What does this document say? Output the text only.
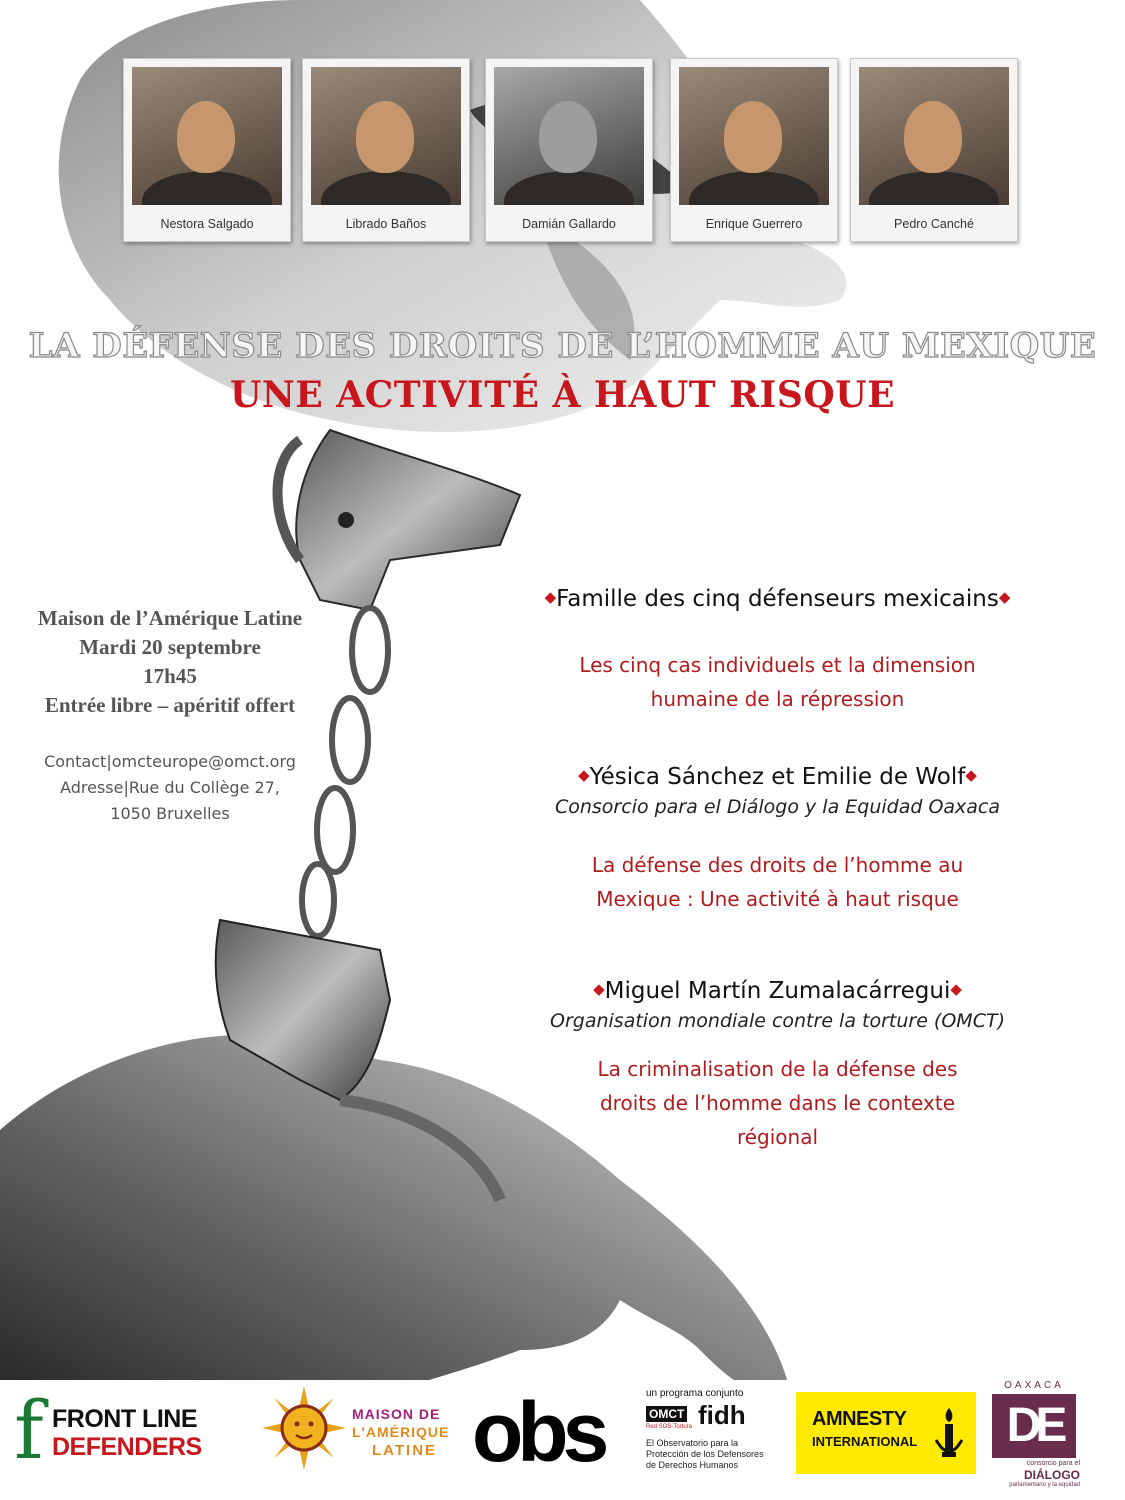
Nestora Salgado	Librado Baños	Damián Gallardo	Enrique Guerrero	Pedro Canché
LA DÉFENSE DES DROITS DE L’HOMME AU MEXIQUE
UNE ACTIVITÉ À HAUT RISQUE
Maison de l’Amérique Latine
Mardi 20 septembre
17h45
Entrée libre – apéritif offert
Contact|omcteurope@omct.org
Adresse|Rue du Collège 27,
1050 Bruxelles
◆Famille des cinq défenseurs mexicains◆
Les cinq cas individuels et la dimension
humaine de la répression
◆Yésica Sánchez et Emilie de Wolf◆
Consorcio para el Diálogo y la Equidad Oaxaca
La défense des droits de l’homme au
Mexique : Une activité à haut risque
◆Miguel Martín Zumalacárregui◆
Organisation mondiale contre la torture (OMCT)
La criminalisation de la défense des
droits de l’homme dans le contexte
régional
f FRONT LINE
DEFENDERS
MAISON DE
L'AMÉRIQUE
LATINE obs	un programa conjunto
OMCT
Red SOS-Tortura fidh
El Observatorio para la
Protección de los Defensores
de Derechos Humanos
AMNESTY
INTERNATIONAL
OAXACA
DE
consorcio para el
DIÁLOGO
parlamentario y la equidad
